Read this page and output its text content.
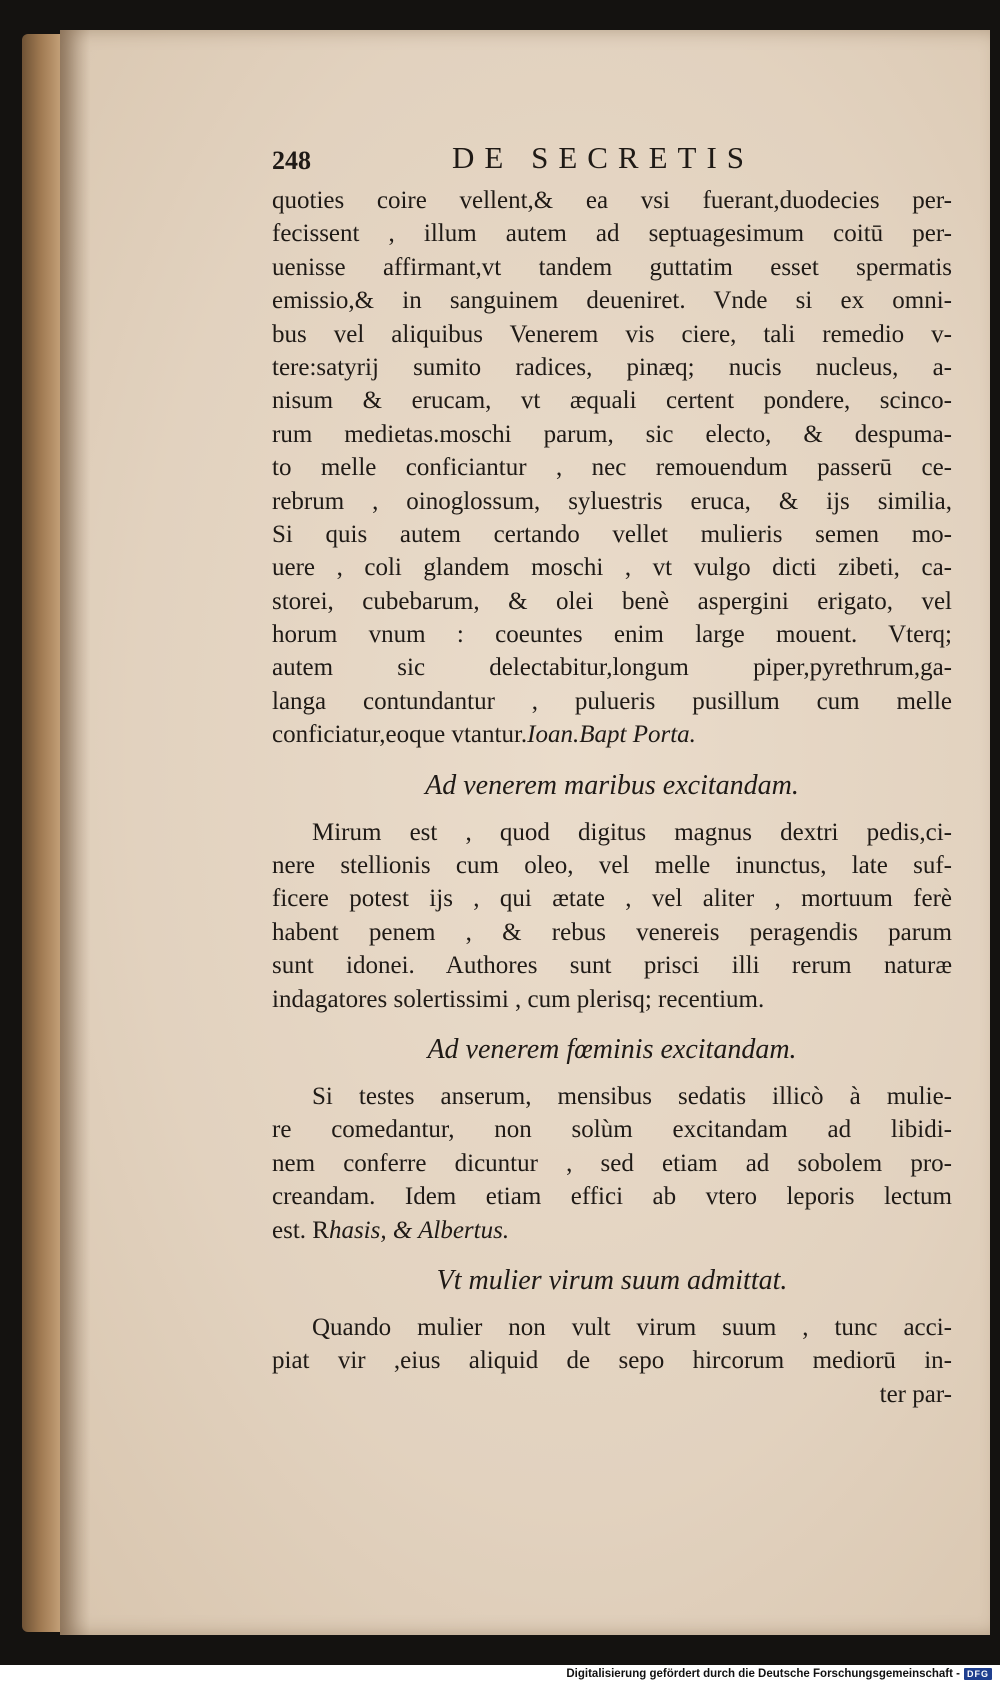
248	DE SECRETIS
quoties coire vellent,& ea vsi fuerant,duodecies per-
fecissent , illum autem ad septuagesimum coitū per-
uenisse affirmant,vt tandem guttatim esset spermatis
emissio,& in sanguinem deueniret. Vnde si ex omni-
bus vel aliquibus Venerem vis ciere, tali remedio v-
tere:satyrij sumito radices, pinæq; nucis nucleus, a-
nisum & erucam, vt æquali certent pondere, scinco-
rum medietas.moschi parum, sic electo, & despuma-
to melle conficiantur , nec remouendum passerū ce-
rebrum , oinoglossum, syluestris eruca, & ijs similia,
Si quis autem certando vellet mulieris semen mo-
uere , coli glandem moschi , vt vulgo dicti zibeti, ca-
storei, cubebarum, & olei benè aspergini erigato, vel
horum vnum : coeuntes enim large mouent. Vterq;
autem sic delectabitur,longum piper,pyrethrum,ga-
langa contundantur , pulueris pusillum cum melle
conficiatur,eoque vtantur.Ioan.Bapt Porta.
Ad venerem maribus excitandam.
Mirum est , quod digitus magnus dextri pedis,ci-
nere stellionis cum oleo, vel melle inunctus, late suf-
ficere potest ijs , qui ætate , vel aliter , mortuum ferè
habent penem , & rebus venereis peragendis parum
sunt idonei. Authores sunt prisci illi rerum naturæ
indagatores solertissimi , cum plerisq; recentium.
Ad venerem fœminis excitandam.
Si testes anserum, mensibus sedatis illicò à mulie-
re comedantur, non solùm excitandam ad libidi-
nem conferre dicuntur , sed etiam ad sobolem pro-
creandam. Idem etiam effici ab vtero leporis lectum
est. Rhasis, & Albertus.
Vt mulier virum suum admittat.
Quando mulier non vult virum suum , tunc acci-
piat vir ,eius aliquid de sepo hircorum mediorū in-
ter par-
Digitalisierung gefördert durch die Deutsche Forschungsgemeinschaft - DFG
